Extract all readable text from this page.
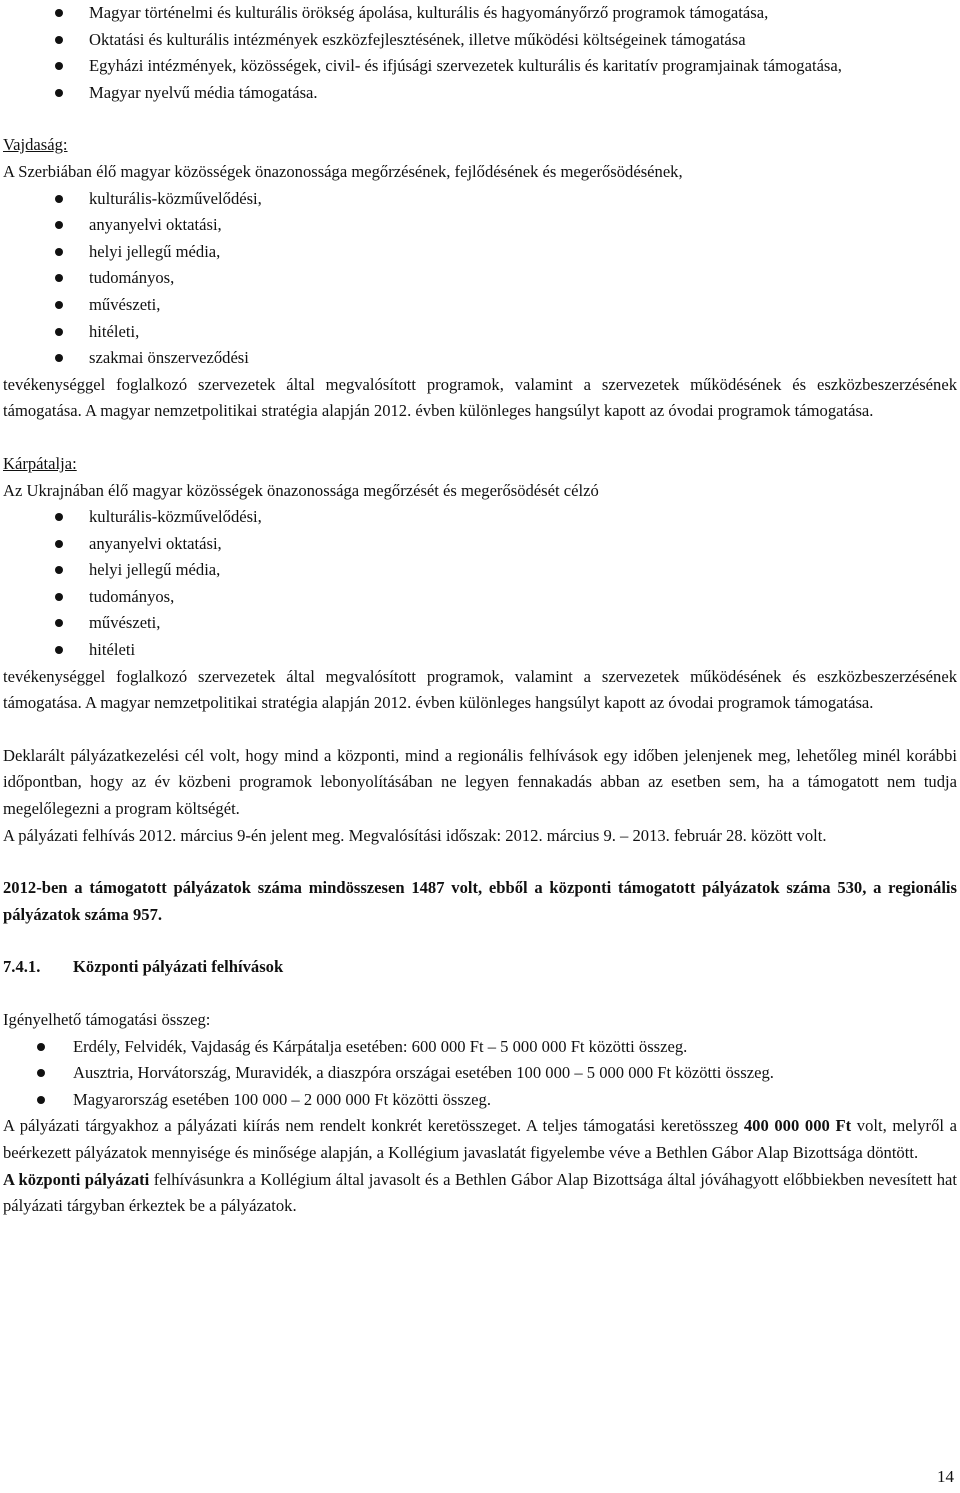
Magyar történelmi és kulturális örökség ápolása, kulturális és hagyományőrző programok támogatása,
Oktatási és kulturális intézmények eszközfejlesztésének, illetve működési költségeinek támogatása
Egyházi intézmények, közösségek, civil- és ifjúsági szervezetek kulturális és karitatív programjainak támogatása,
Magyar nyelvű média támogatása.

Vajdaság:

A Szerbiában élő magyar közösségek önazonossága megőrzésének, fejlődésének és megerősödésének,

kulturális-közművelődési,
anyanyelvi oktatási,
helyi jellegű média,
tudományos,
művészeti,
hitéleti,
szakmai önszerveződési

tevékenységgel foglalkozó szervezetek által megvalósított programok, valamint a szervezetek működésének és eszközbeszerzésének támogatása. A magyar nemzetpolitikai stratégia alapján 2012. évben különleges hangsúlyt kapott az óvodai programok támogatása.

Kárpátalja:

Az Ukrajnában élő magyar közösségek önazonossága megőrzését és megerősödését célzó

kulturális-közművelődési,
anyanyelvi oktatási,
helyi jellegű média,
tudományos,
művészeti,
hitéleti

tevékenységgel foglalkozó szervezetek által megvalósított programok, valamint a szervezetek működésének és eszközbeszerzésének támogatása. A magyar nemzetpolitikai stratégia alapján 2012. évben különleges hangsúlyt kapott az óvodai programok támogatása.

Deklarált pályázatkezelési cél volt, hogy mind a központi, mind a regionális felhívások egy időben jelenjenek meg, lehetőleg minél korábbi időpontban, hogy az év közbeni programok lebonyolításában ne legyen fennakadás abban az esetben sem, ha a támogatott nem tudja megelőlegezni a program költségét.

A pályázati felhívás 2012. március 9-én jelent meg. Megvalósítási időszak: 2012. március 9. – 2013. február 28. között volt.

2012-ben a támogatott pályázatok száma mindösszesen 1487 volt, ebből a központi támogatott pályázatok száma 530, a regionális pályázatok száma 957.

7.4.1. Központi pályázati felhívások

Igényelhető támogatási összeg:

Erdély, Felvidék, Vajdaság és Kárpátalja esetében: 600 000 Ft – 5 000 000 Ft közötti összeg.
Ausztria, Horvátország, Muravidék, a diaszpóra országai esetében 100 000 – 5 000 000 Ft közötti összeg.
Magyarország esetében 100 000 – 2 000 000 Ft közötti összeg.

A pályázati tárgyakhoz a pályázati kiírás nem rendelt konkrét keretösszeget. A teljes támogatási keretösszeg 400 000 000 Ft volt, melyről a beérkezett pályázatok mennyisége és minősége alapján, a Kollégium javaslatát figyelembe véve a Bethlen Gábor Alap Bizottsága döntött.

A központi pályázati felhívásunkra a Kollégium által javasolt és a Bethlen Gábor Alap Bizottsága által jóváhagyott előbbiekben nevesített hat pályázati tárgyban érkeztek be a pályázatok.

14
